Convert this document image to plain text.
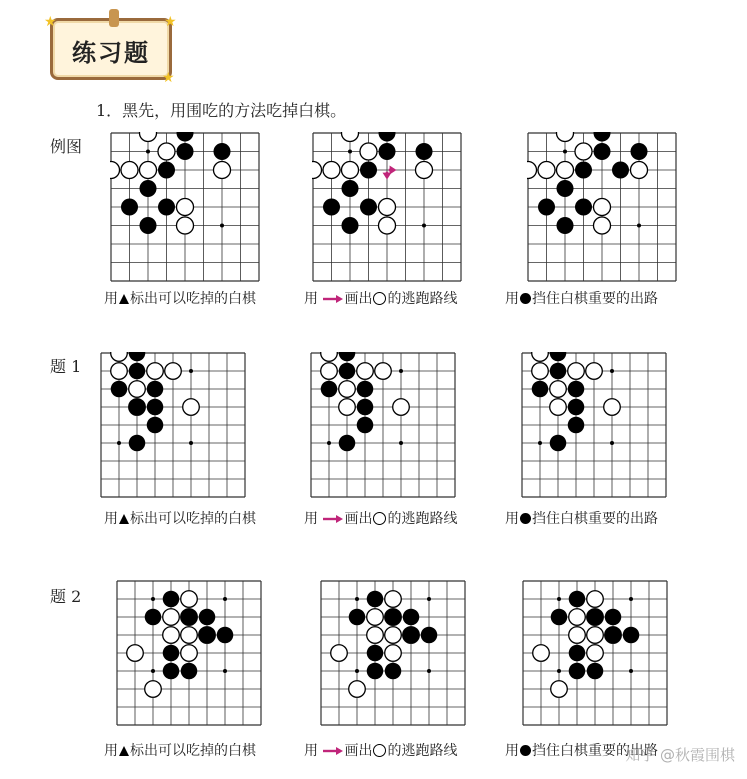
练习题
★	★
★
1．黑先，用围吃的方法吃掉白棋。
例图
题 1
题 2
用 标出可以吃掉的白棋	用 画出 的逃跑路线	用 挡住白棋重要的出路
用 标出可以吃掉的白棋	用 画出 的逃跑路线	用 挡住白棋重要的出路
用 标出可以吃掉的白棋	用 画出 的逃跑路线	用 挡住白棋重要的出路
知乎 @秋霞围棋
